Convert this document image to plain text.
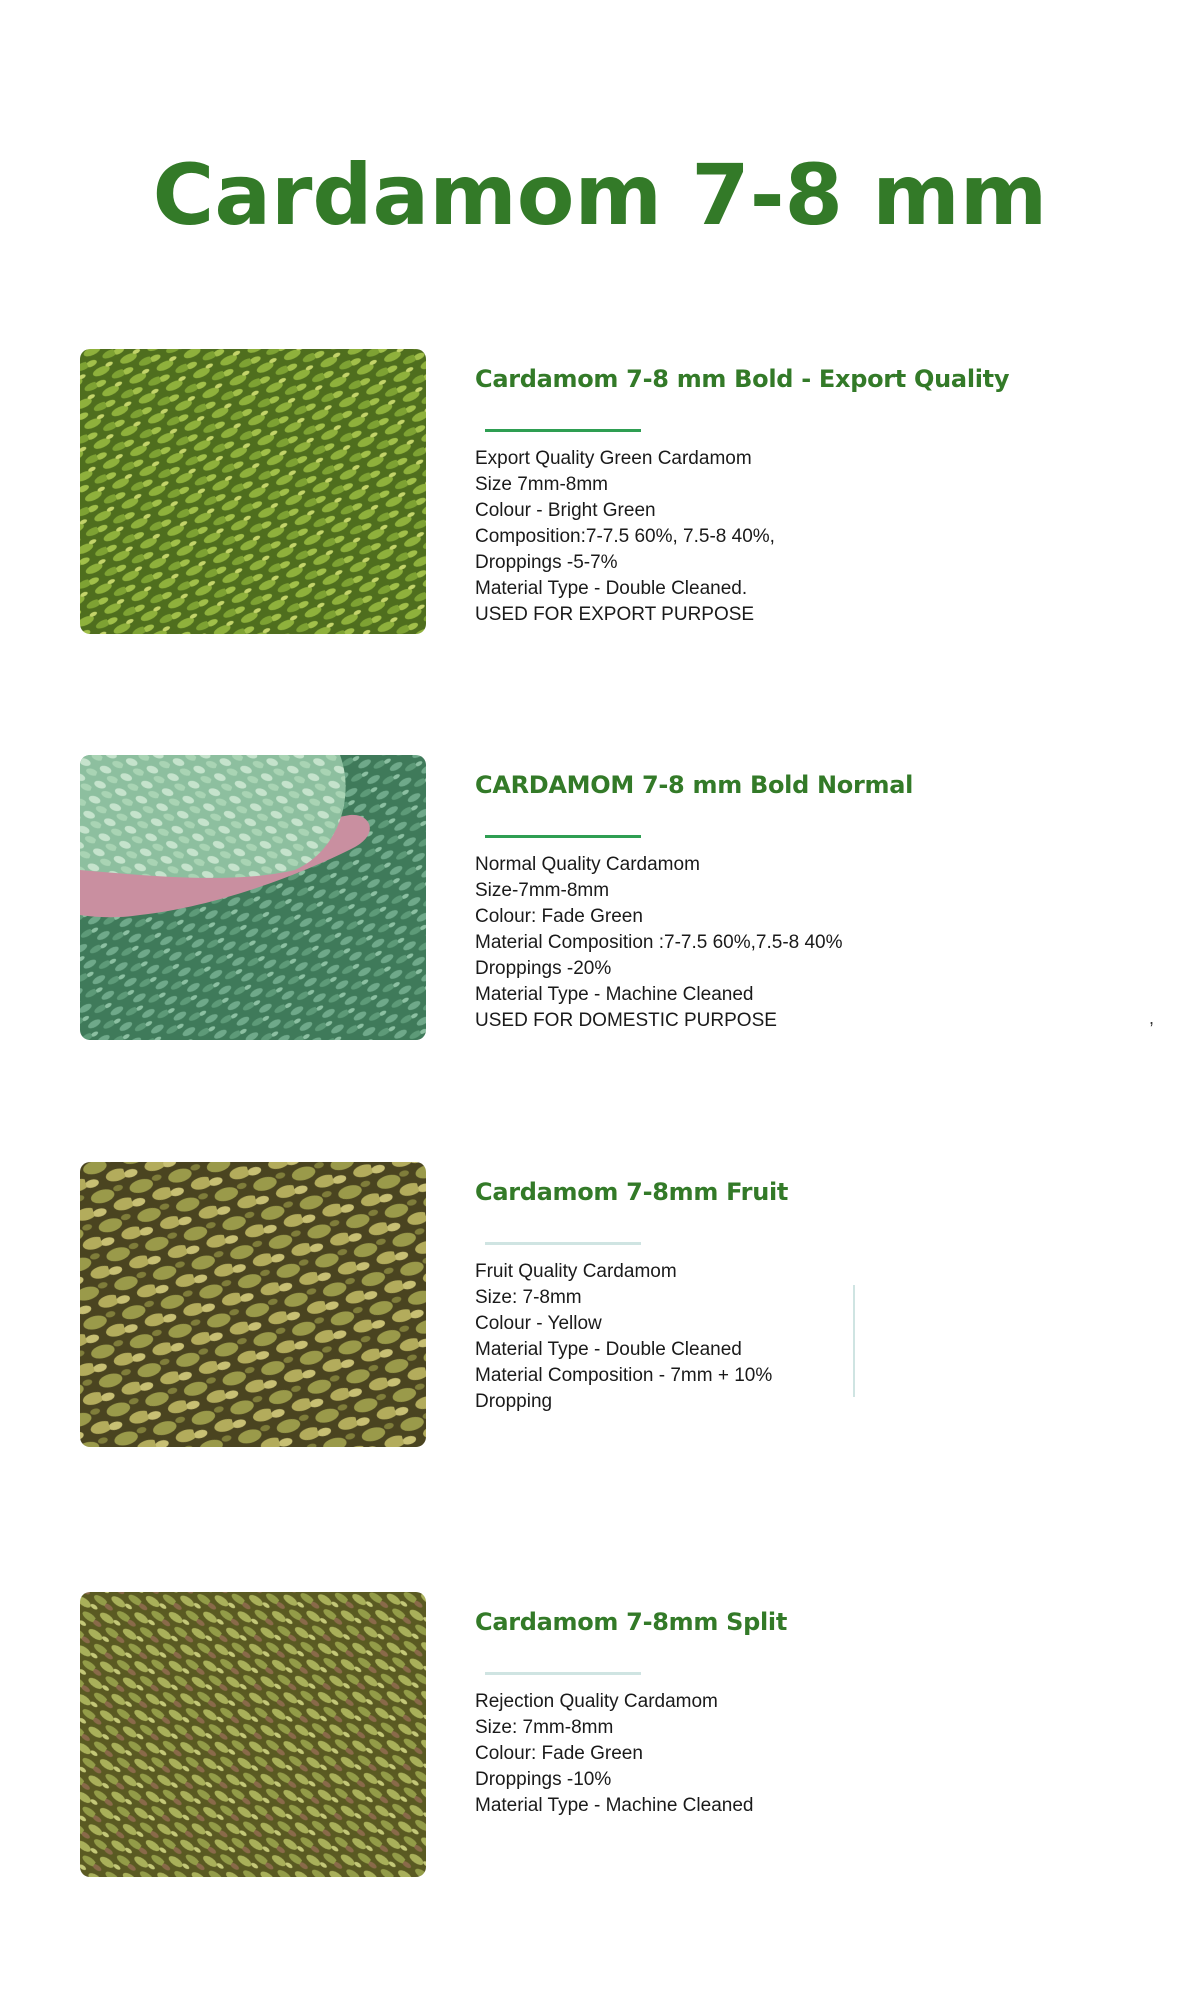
Cardamom 7-8 mm
Cardamom 7-8 mm Bold - Export Quality
Export Quality Green Cardamom
Size 7mm-8mm
Colour - Bright Green
Composition:7-7.5 60%, 7.5-8 40%,
Droppings -5-7%
Material Type - Double Cleaned.
USED FOR EXPORT PURPOSE
CARDAMOM 7-8 mm Bold Normal
Normal Quality Cardamom
Size-7mm-8mm
Colour: Fade Green
Material Composition :7-7.5 60%,7.5-8 40%
Droppings -20%
Material Type - Machine Cleaned
USED FOR DOMESTIC PURPOSE
Cardamom 7-8mm Fruit
Fruit Quality Cardamom
Size: 7-8mm
Colour - Yellow
Material Type - Double Cleaned
Material Composition - 7mm + 10%
Dropping
Cardamom 7-8mm Split
Rejection Quality Cardamom
Size: 7mm-8mm
Colour: Fade Green
Droppings -10%
Material Type - Machine Cleaned
,
